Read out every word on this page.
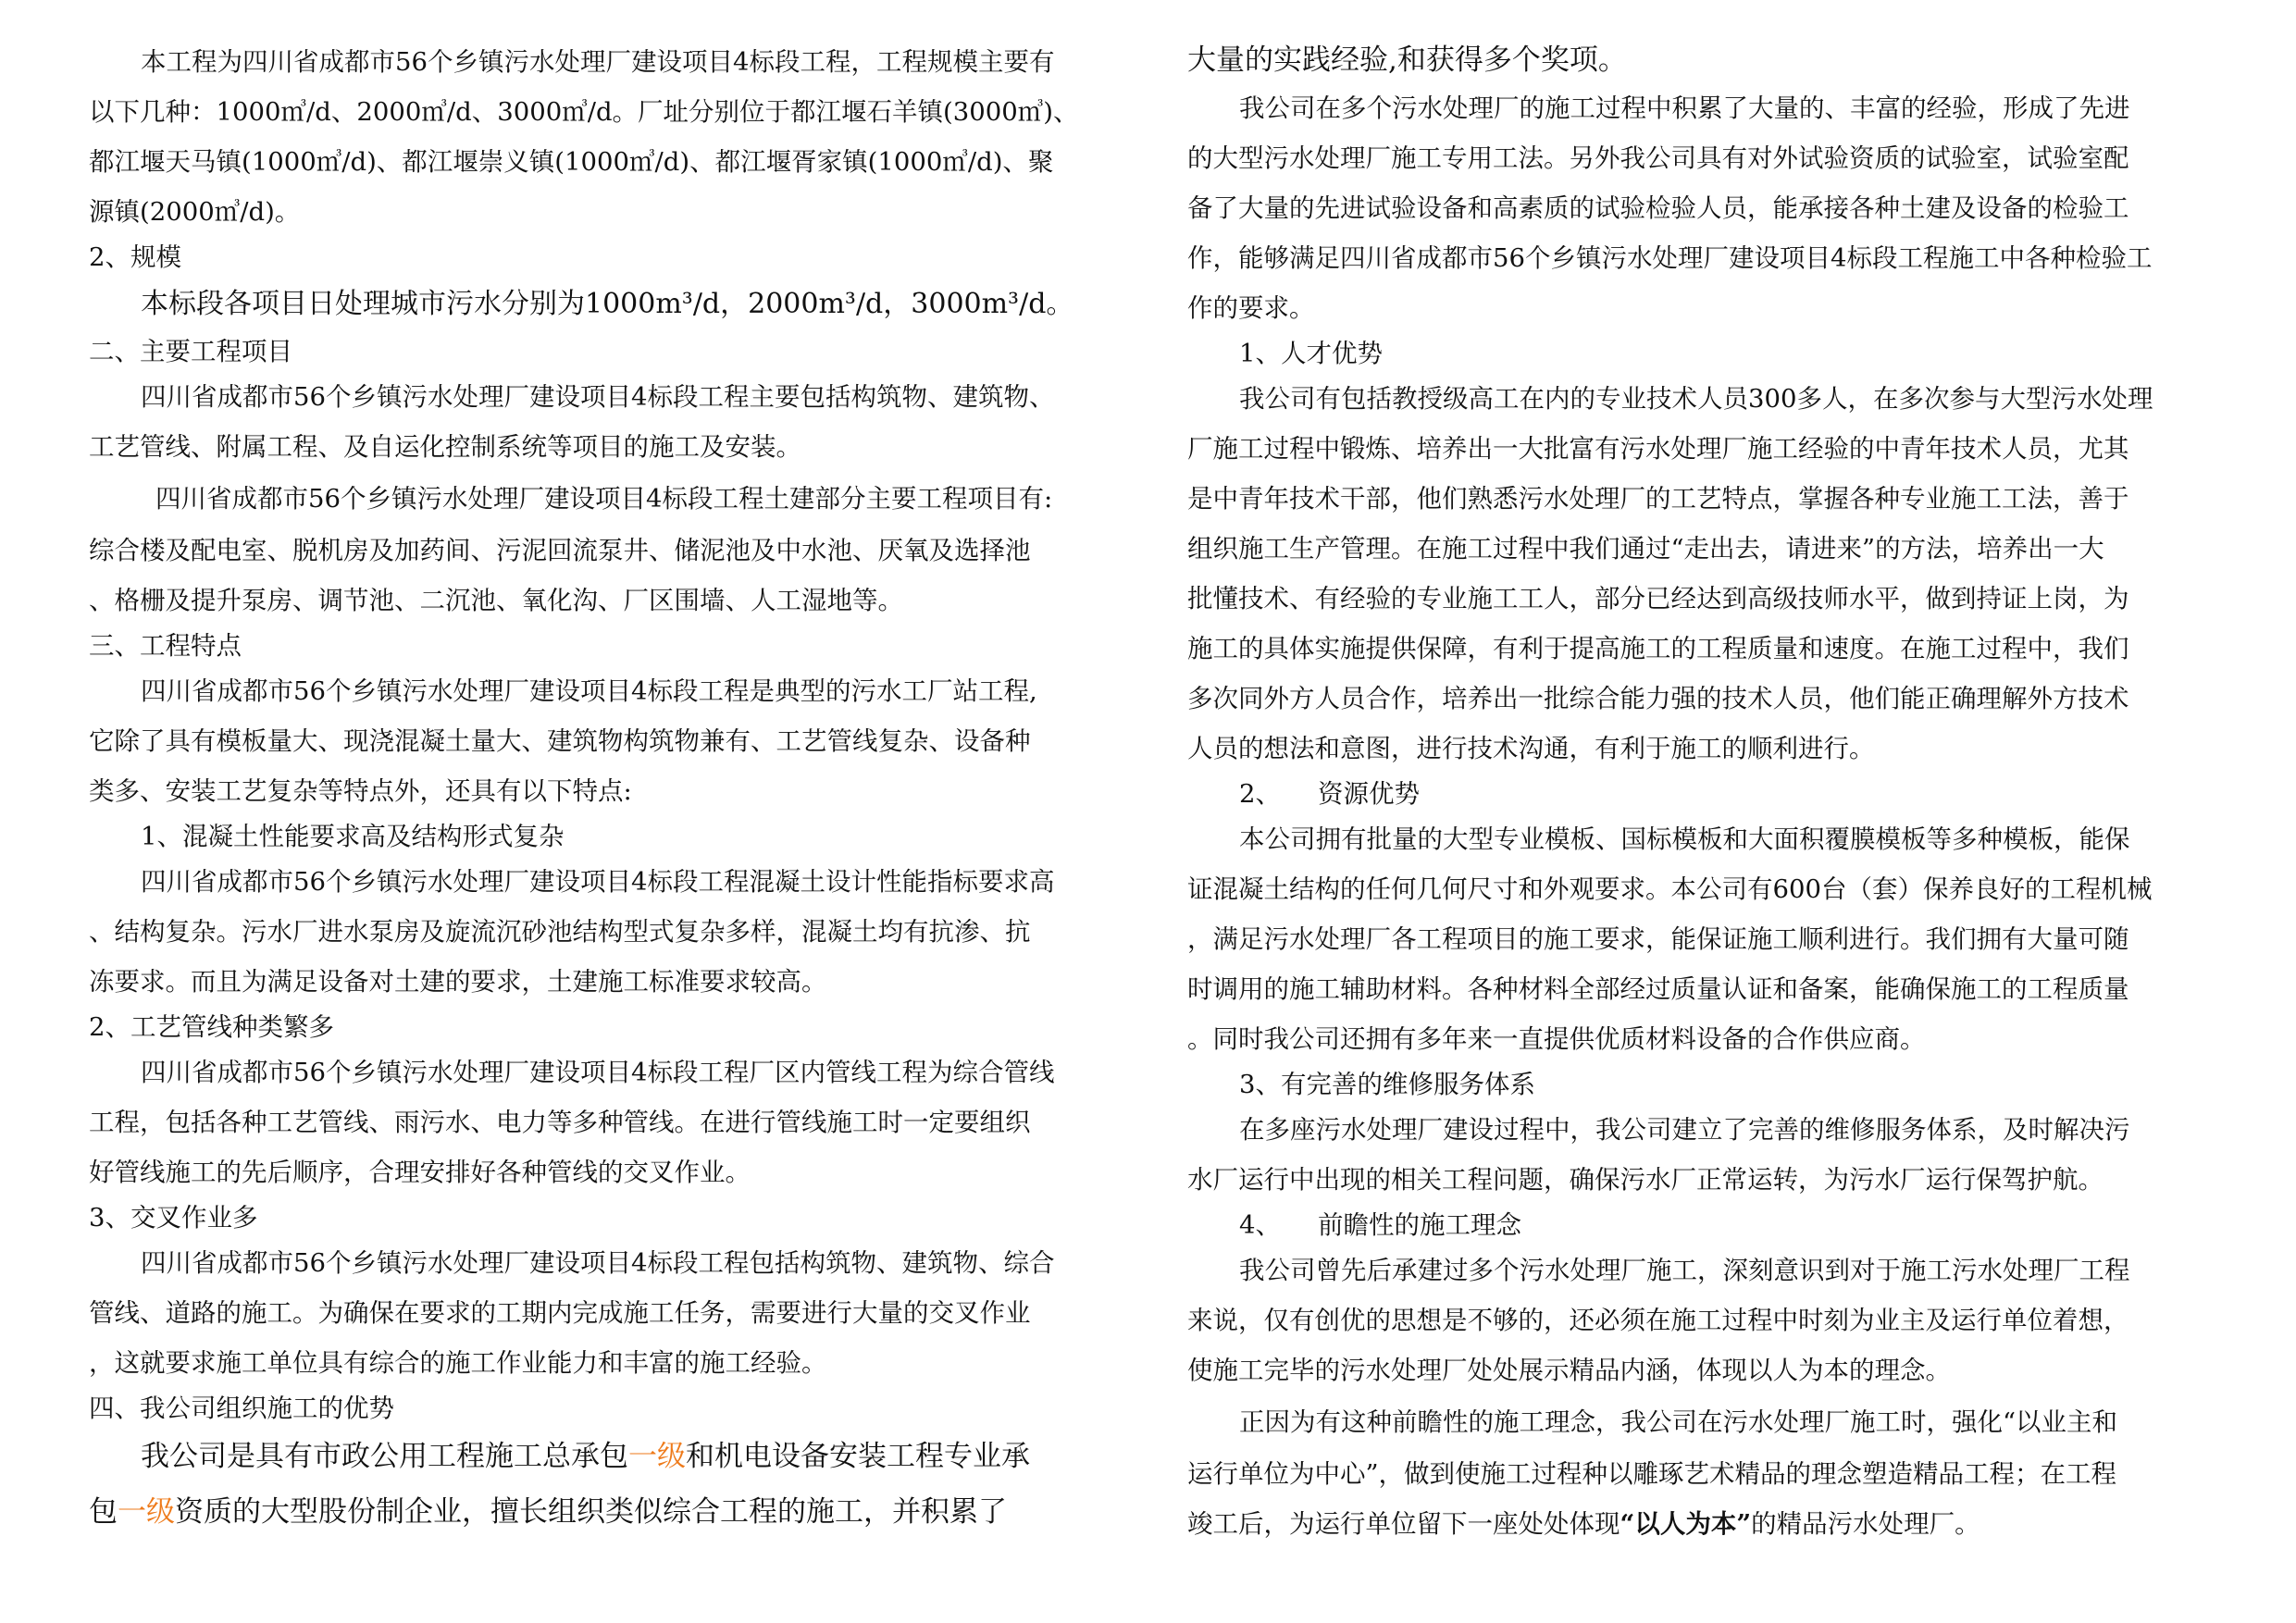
本工程为四川省成都市56个乡镇污水处理厂建设项目4标段工程，工程规模主要有

以下几种：1000㎥/d、2000㎥/d、3000㎥/d。厂址分别位于都江堰石羊镇(3000㎥)、

都江堰天马镇(1000㎥/d)、都江堰崇义镇(1000㎥/d)、都江堰胥家镇(1000㎥/d)、聚

源镇(2000㎥/d)。

2、规模

本标段各项目日处理城市污水分别为1000m³/d，2000m³/d，3000m³/d。

二、主要工程项目

四川省成都市56个乡镇污水处理厂建设项目4标段工程主要包括构筑物、建筑物、

工艺管线、附属工程、及自运化控制系统等项目的施工及安装。

四川省成都市56个乡镇污水处理厂建设项目4标段工程土建部分主要工程项目有:

综合楼及配电室、脱机房及加药间、污泥回流泵井、储泥池及中水池、厌氧及选择池

、格栅及提升泵房、调节池、二沉池、氧化沟、厂区围墙、人工湿地等。

三、工程特点

四川省成都市56个乡镇污水处理厂建设项目4标段工程是典型的污水工厂站工程,

它除了具有模板量大、现浇混凝土量大、建筑物构筑物兼有、工艺管线复杂、设备种

类多、安装工艺复杂等特点外，还具有以下特点:

1、混凝土性能要求高及结构形式复杂

四川省成都市56个乡镇污水处理厂建设项目4标段工程混凝土设计性能指标要求高

、结构复杂。污水厂进水泵房及旋流沉砂池结构型式复杂多样，混凝土均有抗渗、抗

冻要求。而且为满足设备对土建的要求，土建施工标准要求较高。

2、工艺管线种类繁多

四川省成都市56个乡镇污水处理厂建设项目4标段工程厂区内管线工程为综合管线

工程，包括各种工艺管线、雨污水、电力等多种管线。在进行管线施工时一定要组织

好管线施工的先后顺序，合理安排好各种管线的交叉作业。

3、交叉作业多

四川省成都市56个乡镇污水处理厂建设项目4标段工程包括构筑物、建筑物、综合

管线、道路的施工。为确保在要求的工期内完成施工任务，需要进行大量的交叉作业

，这就要求施工单位具有综合的施工作业能力和丰富的施工经验。

四、我公司组织施工的优势

我公司是具有市政公用工程施工总承包一级和机电设备安装工程专业承

包一级资质的大型股份制企业，擅长组织类似综合工程的施工，并积累了

大量的实践经验,和获得多个奖项。

我公司在多个污水处理厂的施工过程中积累了大量的、丰富的经验，形成了先进

的大型污水处理厂施工专用工法。另外我公司具有对外试验资质的试验室，试验室配

备了大量的先进试验设备和高素质的试验检验人员，能承接各种土建及设备的检验工

作，能够满足四川省成都市56个乡镇污水处理厂建设项目4标段工程施工中各种检验工

作的要求。

1、人才优势

我公司有包括教授级高工在内的专业技术人员300多人，在多次参与大型污水处理

厂施工过程中锻炼、培养出一大批富有污水处理厂施工经验的中青年技术人员，尤其

是中青年技术干部，他们熟悉污水处理厂的工艺特点，掌握各种专业施工工法，善于

组织施工生产管理。在施工过程中我们通过“走出去，请进来”的方法，培养出一大

批懂技术、有经验的专业施工工人，部分已经达到高级技师水平，做到持证上岗，为

施工的具体实施提供保障，有利于提高施工的工程质量和速度。在施工过程中，我们

多次同外方人员合作，培养出一批综合能力强的技术人员，他们能正确理解外方技术

人员的想法和意图，进行技术沟通，有利于施工的顺利进行。

2、 资源优势

本公司拥有批量的大型专业模板、国标模板和大面积覆膜模板等多种模板，能保

证混凝土结构的任何几何尺寸和外观要求。本公司有600台（套）保养良好的工程机械

，满足污水处理厂各工程项目的施工要求，能保证施工顺利进行。我们拥有大量可随

时调用的施工辅助材料。各种材料全部经过质量认证和备案，能确保施工的工程质量

。同时我公司还拥有多年来一直提供优质材料设备的合作供应商。

3、有完善的维修服务体系

在多座污水处理厂建设过程中，我公司建立了完善的维修服务体系，及时解决污

水厂运行中出现的相关工程问题，确保污水厂正常运转，为污水厂运行保驾护航。

4、 前瞻性的施工理念

我公司曾先后承建过多个污水处理厂施工，深刻意识到对于施工污水处理厂工程

来说，仅有创优的思想是不够的，还必须在施工过程中时刻为业主及运行单位着想，

使施工完毕的污水处理厂处处展示精品内涵，体现以人为本的理念。

正因为有这种前瞻性的施工理念，我公司在污水处理厂施工时，强化“以业主和

运行单位为中心”，做到使施工过程种以雕琢艺术精品的理念塑造精品工程；在工程

竣工后，为运行单位留下一座处处体现“以人为本”的精品污水处理厂。
